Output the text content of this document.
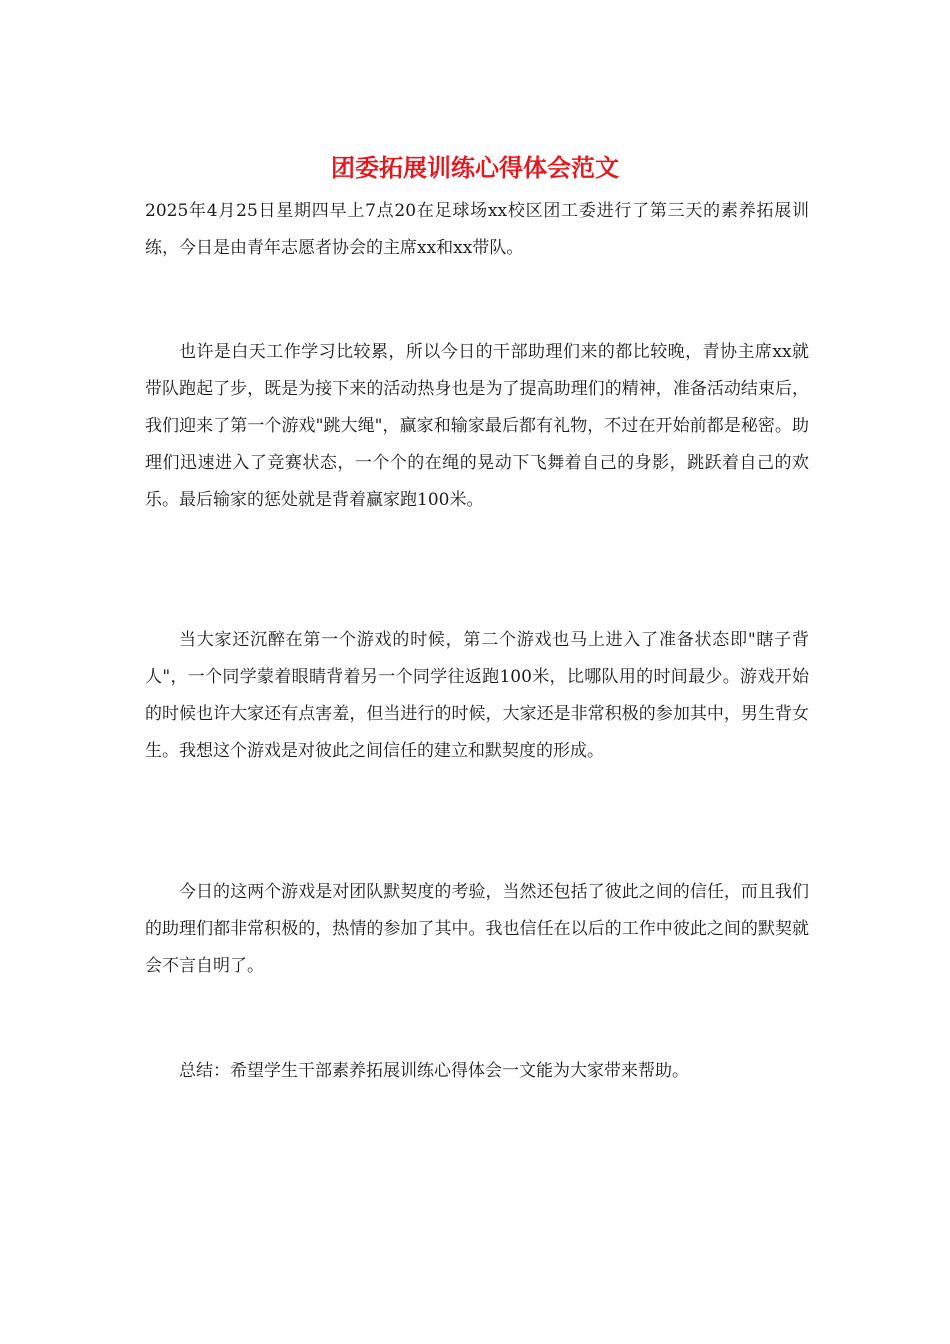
团委拓展训练心得体会范文

2025年4月25日星期四早上7点20在足球场xx校区团工委进行了第三天的素养拓展训练，今日是由青年志愿者协会的主席xx和xx带队。

也许是白天工作学习比较累，所以今日的干部助理们来的都比较晚，青协主席xx就带队跑起了步，既是为接下来的活动热身也是为了提高助理们的精神，准备活动结束后，我们迎来了第一个游戏"跳大绳"，赢家和输家最后都有礼物，不过在开始前都是秘密。助理们迅速进入了竞赛状态，一个个的在绳的晃动下飞舞着自己的身影，跳跃着自己的欢乐。最后输家的惩处就是背着赢家跑100米。

当大家还沉醉在第一个游戏的时候，第二个游戏也马上进入了准备状态即"瞎子背人"，一个同学蒙着眼睛背着另一个同学往返跑100米，比哪队用的时间最少。游戏开始的时候也许大家还有点害羞，但当进行的时候，大家还是非常积极的参加其中，男生背女生。我想这个游戏是对彼此之间信任的建立和默契度的形成。

今日的这两个游戏是对团队默契度的考验，当然还包括了彼此之间的信任，而且我们的助理们都非常积极的，热情的参加了其中。我也信任在以后的工作中彼此之间的默契就会不言自明了。

总结：希望学生干部素养拓展训练心得体会一文能为大家带来帮助。
